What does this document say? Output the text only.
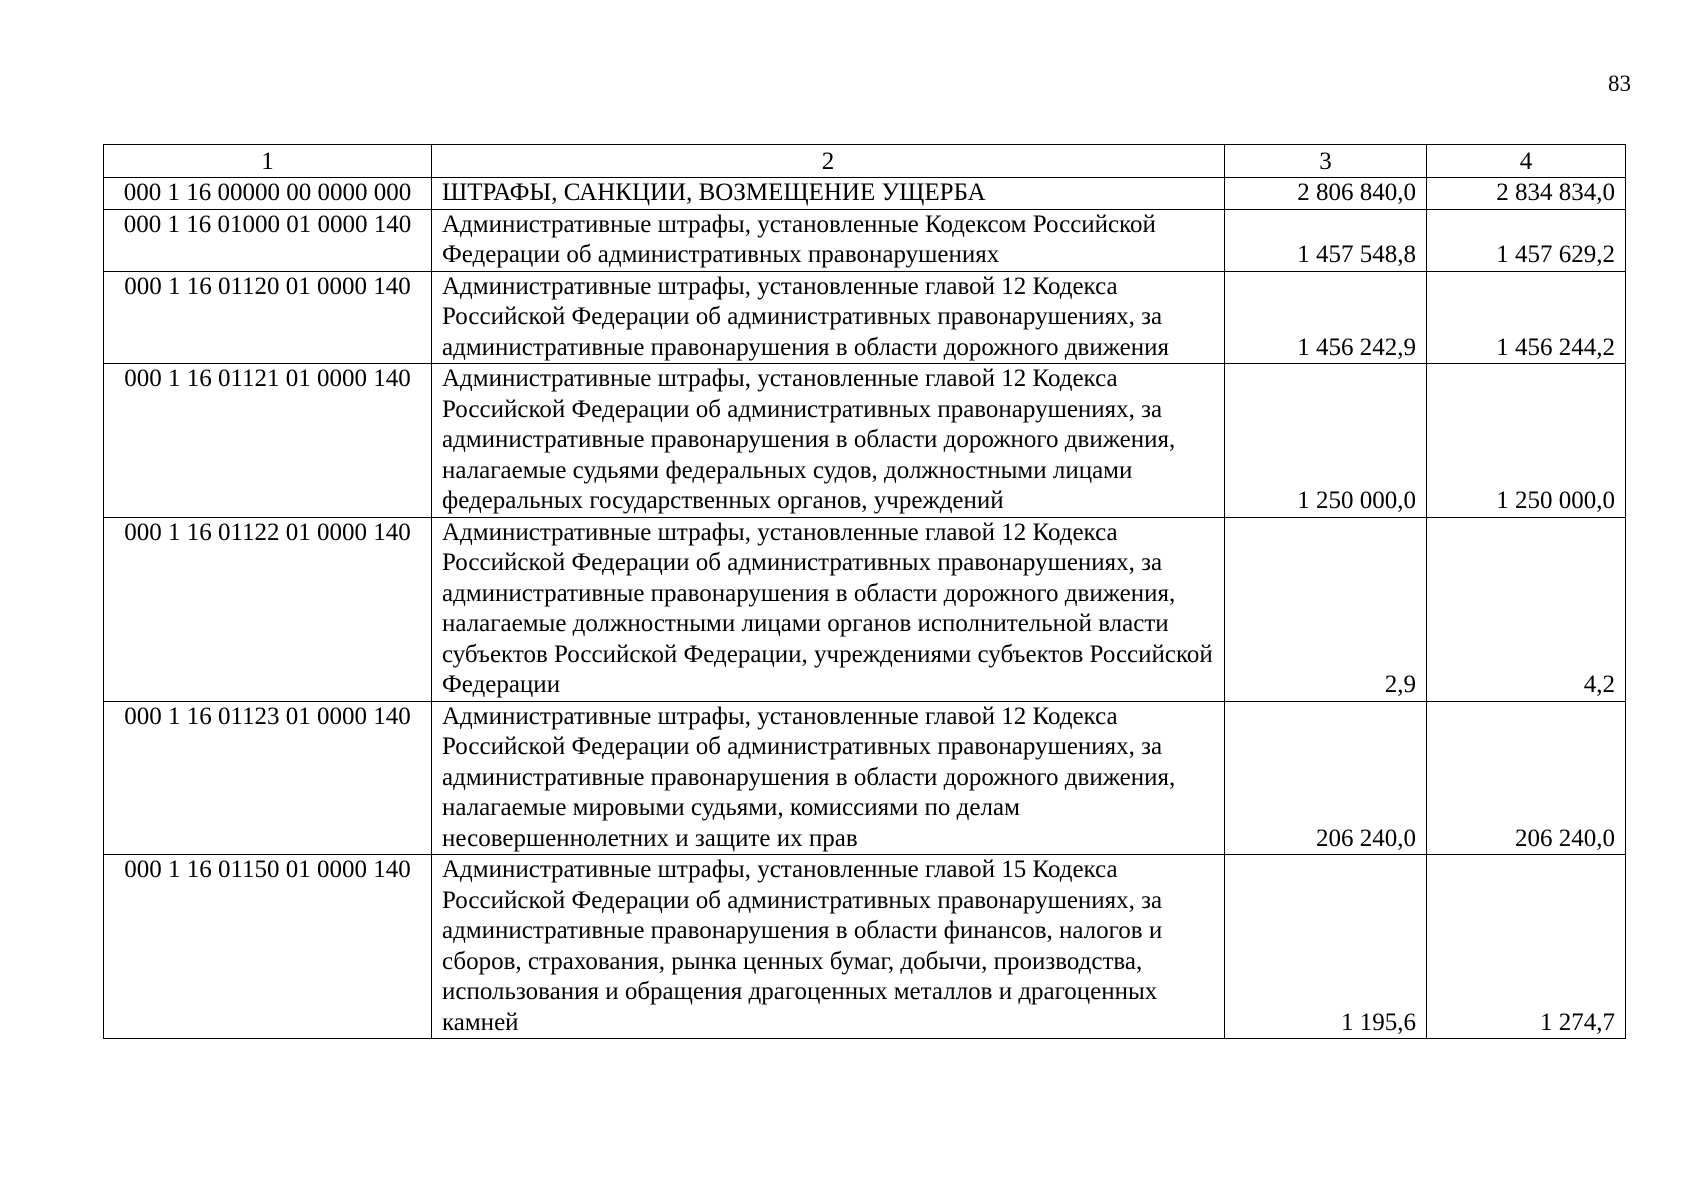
83
1	2	3	4
000 1 16 00000 00 0000 000	ШТРАФЫ, САНКЦИИ, ВОЗМЕЩЕНИЕ УЩЕРБА	2 806 840,0	2 834 834,0
000 1 16 01000 01 0000 140	Административные штрафы, установленные Кодексом Российской Федерации об административных правонарушениях	1 457 548,8	1 457 629,2
000 1 16 01120 01 0000 140	Административные штрафы, установленные главой 12 Кодекса Российской Федерации об административных правонарушениях, за административные правонарушения в области дорожного движения	1 456 242,9	1 456 244,2
000 1 16 01121 01 0000 140	Административные штрафы, установленные главой 12 Кодекса Российской Федерации об административных правонарушениях, за административные правонарушения в области дорожного движения, налагаемые судьями федеральных судов, должностными лицами федеральных государственных органов, учреждений	1 250 000,0	1 250 000,0
000 1 16 01122 01 0000 140	Административные штрафы, установленные главой 12 Кодекса Российской Федерации об административных правонарушениях, за административные правонарушения в области дорожного движения, налагаемые должностными лицами органов исполнительной власти субъектов Российской Федерации, учреждениями субъектов Российской Федерации	2,9	4,2
000 1 16 01123 01 0000 140	Административные штрафы, установленные главой 12 Кодекса Российской Федерации об административных правонарушениях, за административные правонарушения в области дорожного движения, налагаемые мировыми судьями, комиссиями по делам несовершеннолетних и защите их прав	206 240,0	206 240,0
000 1 16 01150 01 0000 140	Административные штрафы, установленные главой 15 Кодекса Российской Федерации об административных правонарушениях, за административные правонарушения в области финансов, налогов и сборов, страхования, рынка ценных бумаг, добычи, производства, использования и обращения драгоценных металлов и драгоценных камней	1 195,6	1 274,7
